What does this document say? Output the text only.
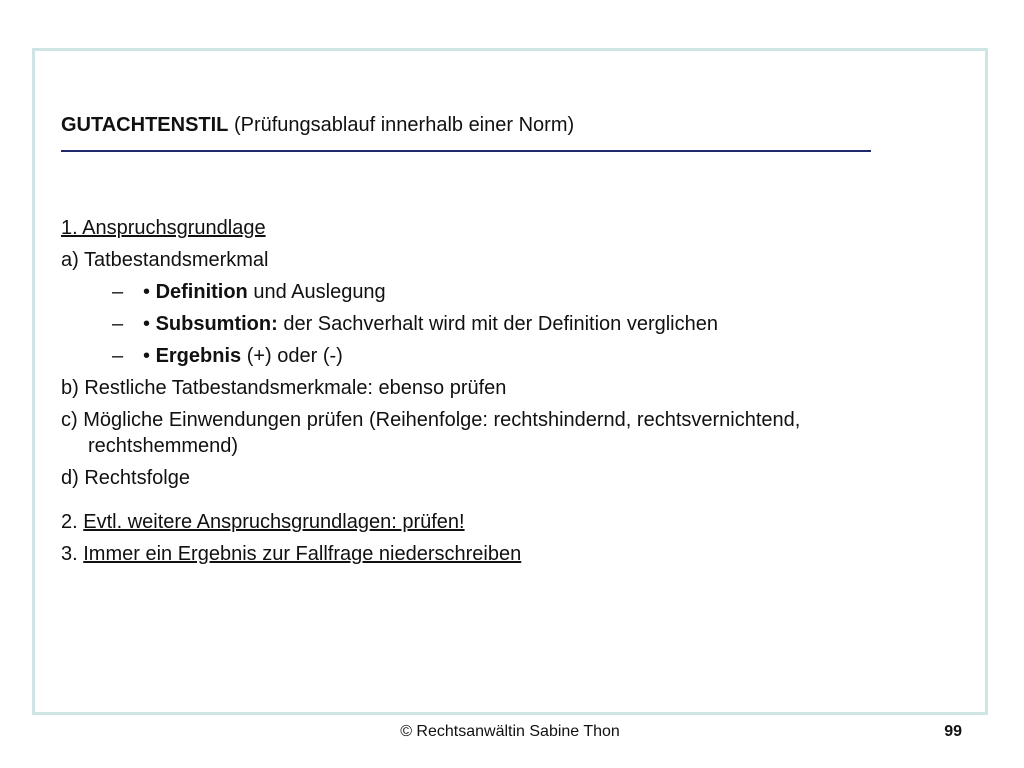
GUTACHTENSTIL (Prüfungsablauf innerhalb einer Norm)
1. Anspruchsgrundlage
a) Tatbestandsmerkmal
– • Definition und Auslegung
– • Subsumtion: der Sachverhalt wird mit der Definition verglichen
– • Ergebnis (+) oder (-)
b) Restliche Tatbestandsmerkmale: ebenso prüfen
c) Mögliche Einwendungen prüfen (Reihenfolge: rechtshindernd, rechtsvernichtend, rechtshemmend)
d) Rechtsfolge
2. Evtl. weitere Anspruchsgrundlagen: prüfen!
3. Immer ein Ergebnis zur Fallfrage niederschreiben
© Rechtsanwältin Sabine Thon	99
